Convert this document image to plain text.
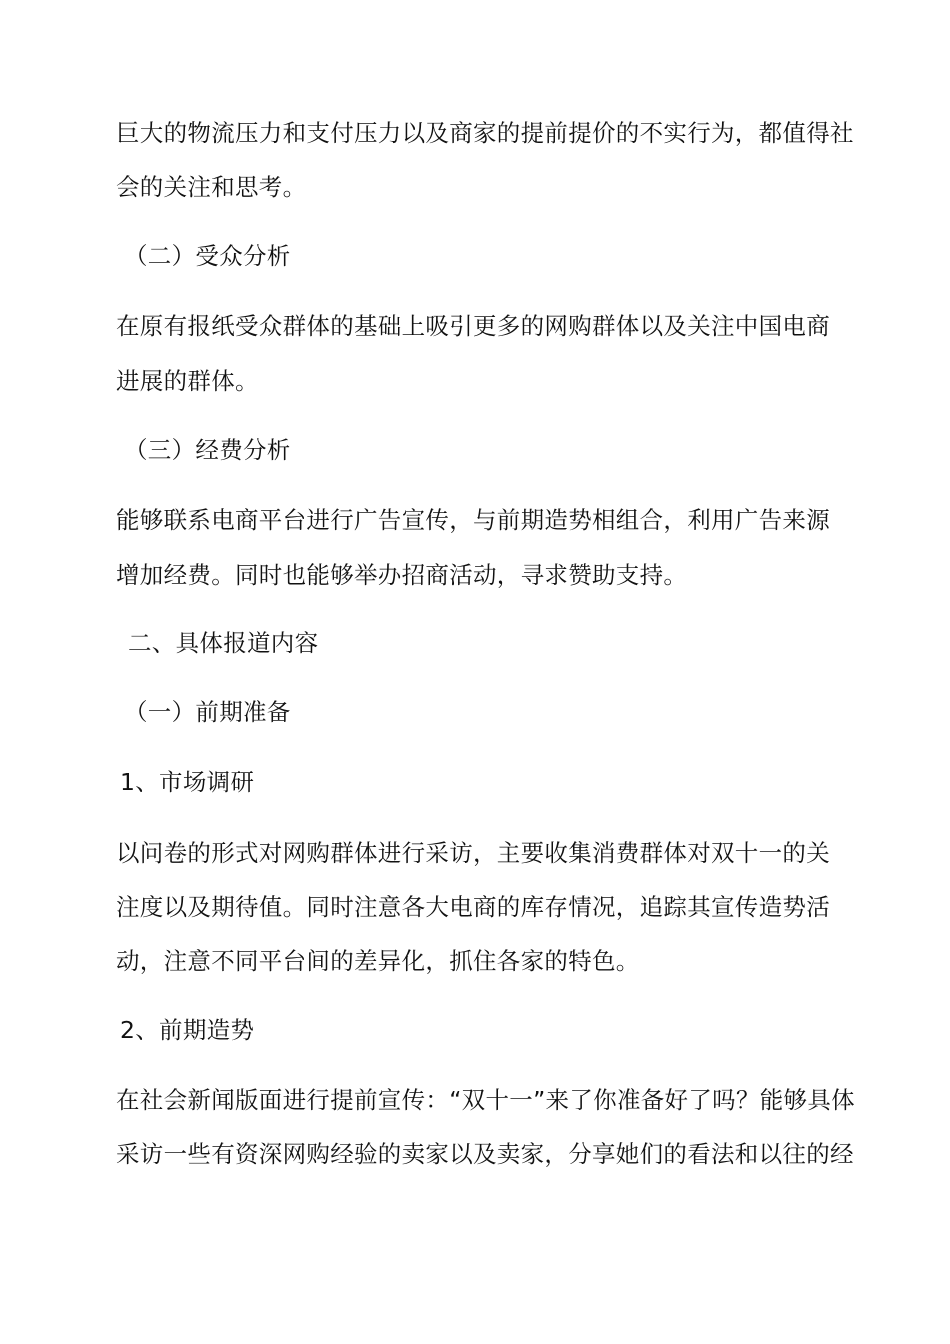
巨大的物流压力和支付压力以及商家的提前提价的不实行为，都值得社
会的关注和思考。
（二）受众分析
在原有报纸受众群体的基础上吸引更多的网购群体以及关注中国电商
进展的群体。
（三）经费分析
能够联系电商平台进行广告宣传，与前期造势相组合，利用广告来源
增加经费。同时也能够举办招商活动，寻求赞助支持。
二、具体报道内容
（一）前期准备
1、市场调研
以问卷的形式对网购群体进行采访，主要收集消费群体对双十一的关
注度以及期待值。同时注意各大电商的库存情况，追踪其宣传造势活
动，注意不同平台间的差异化，抓住各家的特色。
2、前期造势
在社会新闻版面进行提前宣传：“双十一”来了你准备好了吗？能够具体
采访一些有资深网购经验的卖家以及卖家，分享她们的看法和以往的经
